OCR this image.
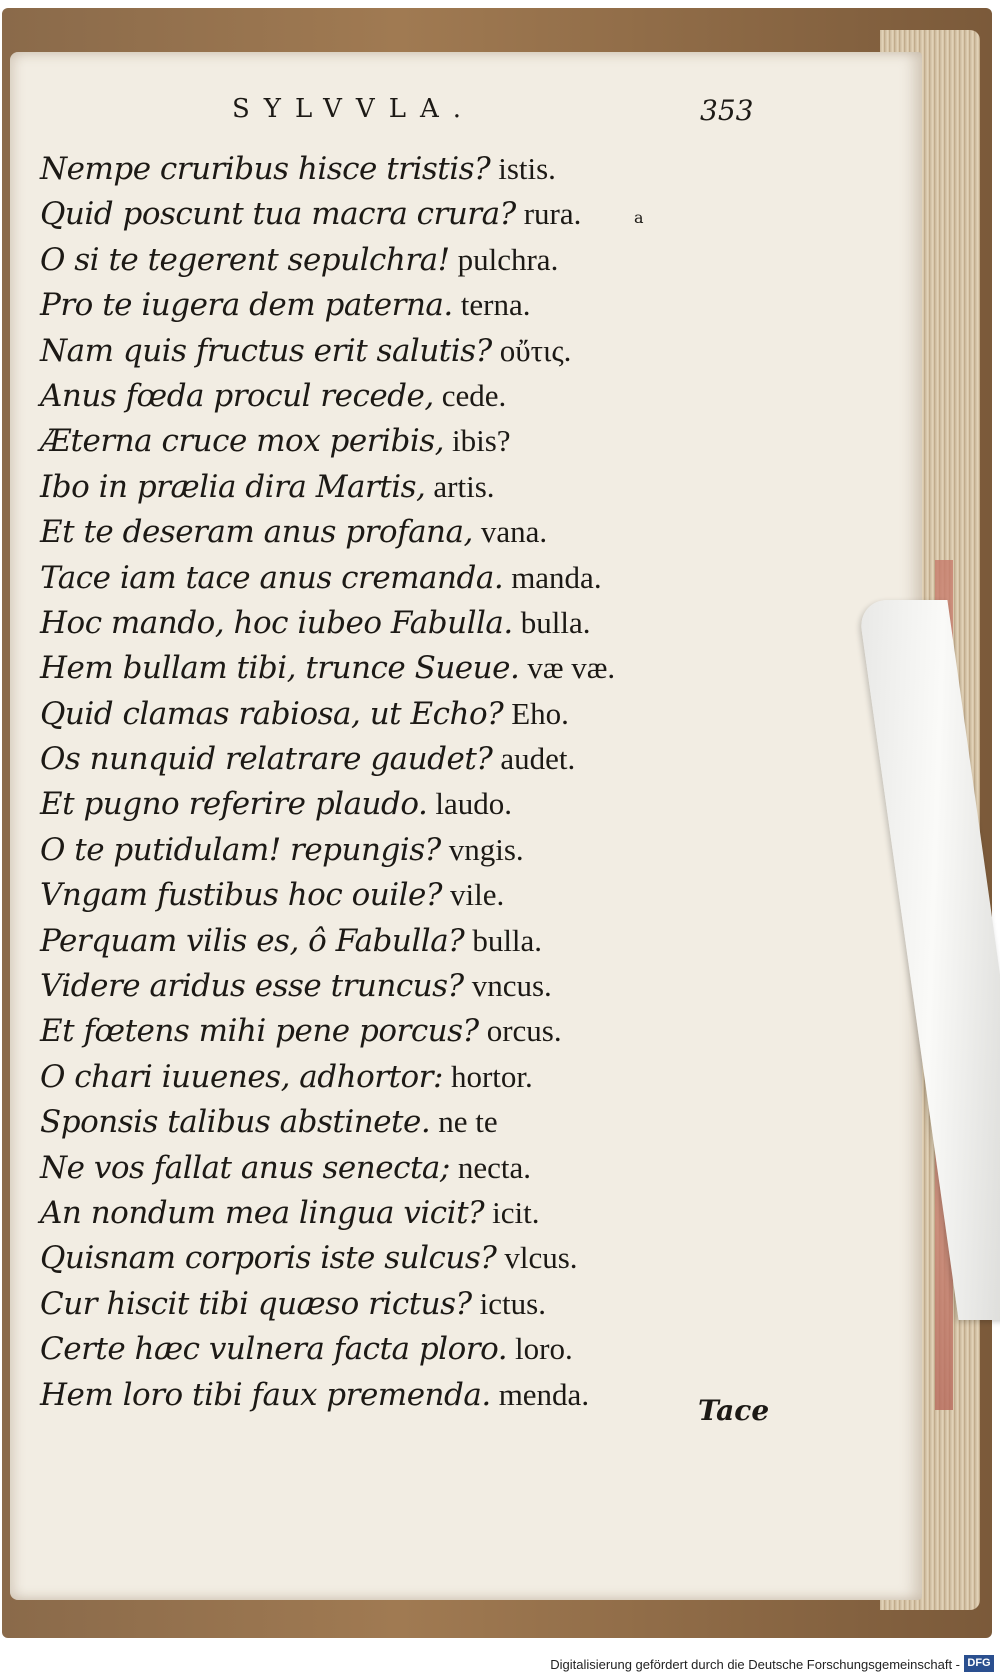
SYLVVLA.	353
Nempe cruribus hisce tristis? istis.
Quid poscunt tua macra crura? rura.
O si te tegerent sepulchra! pulchra.
Pro te iugera dem paterna. terna.
Nam quis fructus erit salutis? οὔτις.
Anus fœda procul recede, cede.
Æterna cruce mox peribis, ibis?
Ibo in prælia dira Martis, artis.
Et te deseram anus profana, vana.
Tace iam tace anus cremanda. manda.
Hoc mando, hoc iubeo Fabulla. bulla.
Hem bullam tibi, trunce Sueue. væ væ.
Quid clamas rabiosa, ut Echo? Eho.
Os nunquid relatrare gaudet? audet.
Et pugno referire plaudo. laudo.
O te putidulam! repungis? vngis.
Vngam fustibus hoc ouile? vile.
Perquam vilis es, ô Fabulla? bulla.
Videre aridus esse truncus? vncus.
Et fœtens mihi pene porcus? orcus.
O chari iuuenes, adhortor: hortor.
Sponsis talibus abstinete. ne te
Ne vos fallat anus senecta; necta.
An nondum mea lingua vicit? icit.
Quisnam corporis iste sulcus? vlcus.
Cur hiscit tibi quæso rictus? ictus.
Certe hæc vulnera facta ploro. loro.
Hem loro tibi faux premenda. menda.
a
Tace
Digitalisierung gefördert durch die Deutsche Forschungsgemeinschaft - DFG
